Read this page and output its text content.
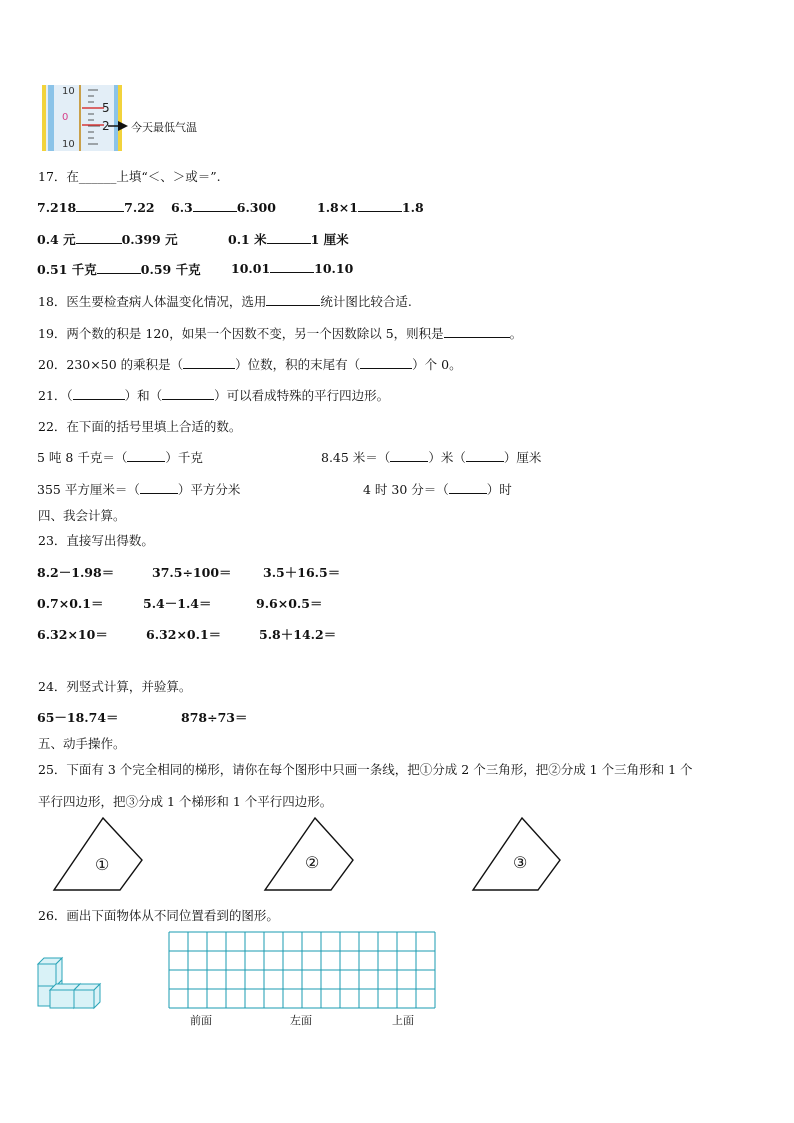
10
5
0
2
10
今天最低气温
17．在______上填“＜、＞或＝”.
7.218	7.22 6.3	6.300	1.8×1	1.8
0.4 元	0.399 元	0.1 米	1 厘米
0.51 千克	0.59 千克 10.01	10.10
18．医生要检查病人体温变化情况，选用	统计图比较合适.
19．两个数的积是 120，如果一个因数不变，另一个因数除以 5，则积是	。
20．230×50 的乘积是（	）位数，积的末尾有（	）个 0。
21．（	）和（	）可以看成特殊的平行四边形。
22．在下面的括号里填上合适的数。
5 吨 8 千克＝（	）千克	8.45 米＝（	）米（	）厘米
355 平方厘米＝（	）平方分米	4 时 30 分＝（	）时
四、我会计算。
23．直接写出得数。
8.2－1.98＝	37.5÷100＝	3.5＋16.5＝
0.7×0.1＝	5.4－1.4＝	9.6×0.5＝
6.32×10＝	6.32×0.1＝	5.8＋14.2＝
24．列竖式计算，并验算。
65－18.74＝	878÷73＝
五、动手操作。
25．下面有 3 个完全相同的梯形，请你在每个图形中只画一条线，把①分成 2 个三角形，把②分成 1 个三角形和 1 个
平行四边形，把③分成 1 个梯形和 1 个平行四边形。
①	②	③
26．画出下面物体从不同位置看到的图形。
前面	左面	上面
